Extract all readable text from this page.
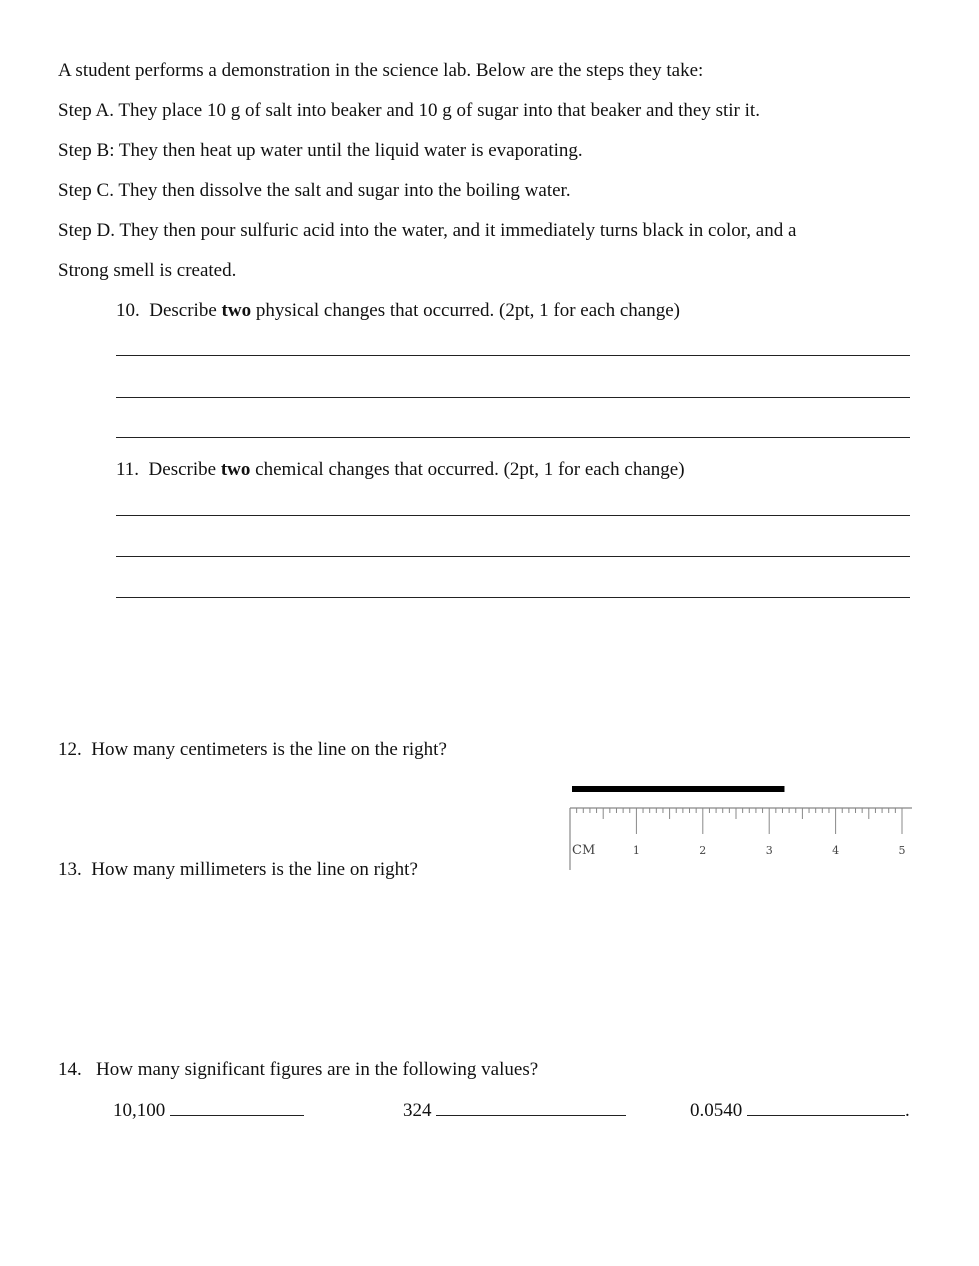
A student performs a demonstration in the science lab. Below are the steps they take:
Step A. They place 10 g of salt into beaker and 10 g of sugar into that beaker and they stir it.
Step B: They then heat up water until the liquid water is evaporating.
Step C. They then dissolve the salt and sugar into the boiling water.
Step D. They then pour sulfuric acid into the water, and it immediately turns black in color, and a
Strong smell is created.
10. Describe two physical changes that occurred. (2pt, 1 for each change)
11. Describe two chemical changes that occurred. (2pt, 1 for each change)
12. How many centimeters is the line on the right?
13. How many millimeters is the line on right?
CM	1	2	3	4	5
14. How many significant figures are in the following values?
10,100	324	0.0540	.
